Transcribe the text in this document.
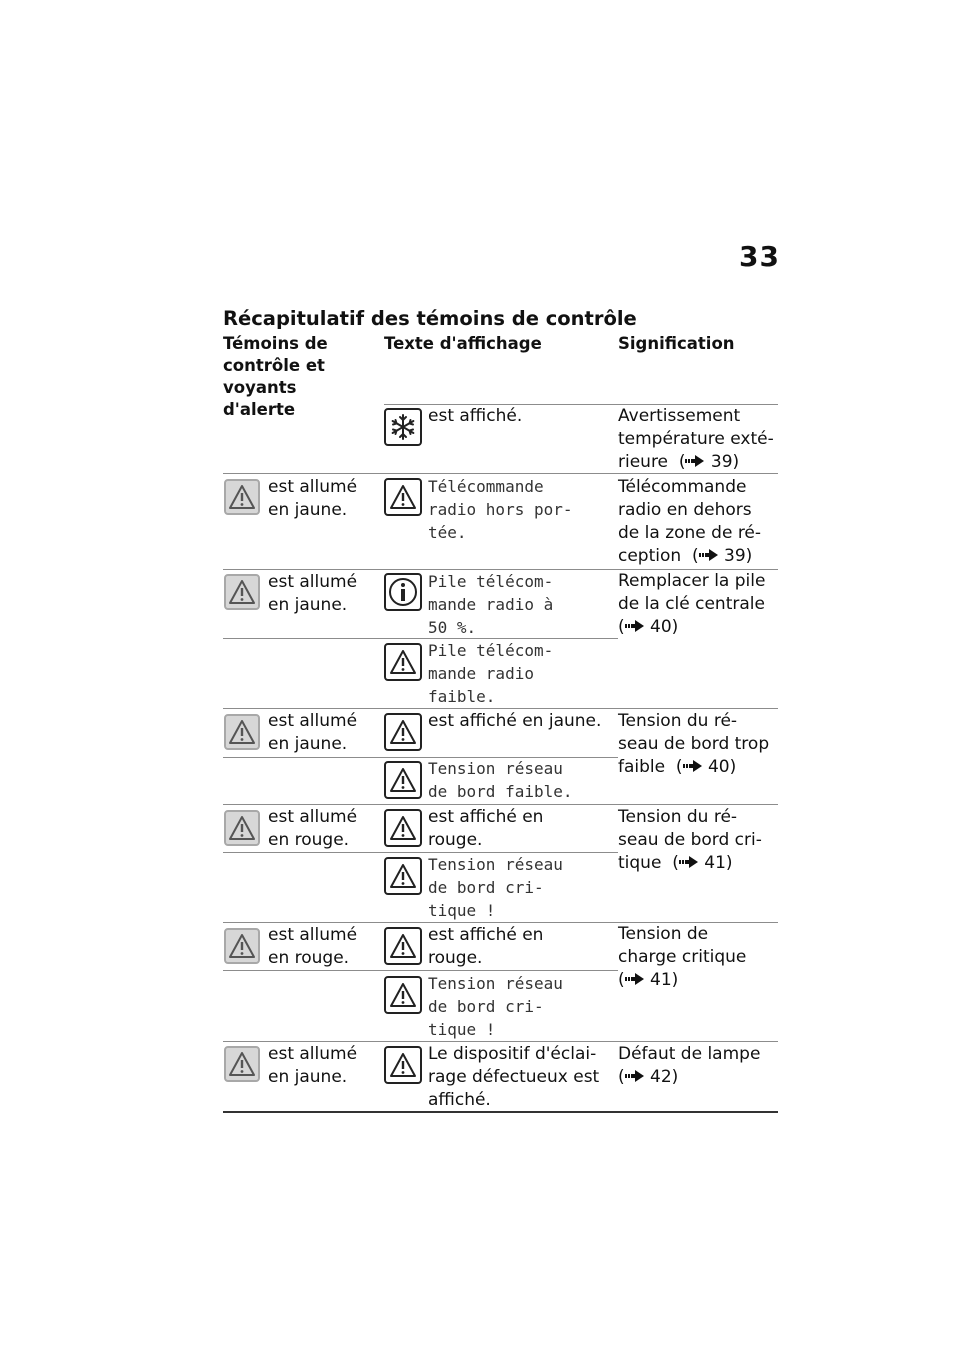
33
Récapitulatif des témoins de contrôle
Témoins de
contrôle et
voyants d'alerte
Texte d'affichage	Signification
est affiché.	Avertissement
température exté-
rieure  ( 39)
est allumé
en jaune.
Télécommande
radio hors por-
tée.
Télécommande
radio en dehors
de la zone de ré-
ception  ( 39)
est allumé
en jaune.
Pile télécom-
mande radio à
50 %.
Remplacer la pile
de la clé centrale
( 40)
Pile télécom-
mande radio
faible.
est allumé
en jaune.
est affiché en jaune. Tension du ré-
seau de bord trop
faible  ( 40)
Tension réseau
de bord faible.
est allumé
en rouge.
est affiché en
rouge.
Tension du ré-
seau de bord cri-
tique  ( 41)
Tension réseau
de bord cri-
tique !
est allumé
en rouge.
est affiché en
rouge.
Tension de
charge critique
( 41)
Tension réseau
de bord cri-
tique !
est allumé
en jaune.
Le dispositif d'éclai-
rage défectueux est
affiché.
Défaut de lampe
( 42)
